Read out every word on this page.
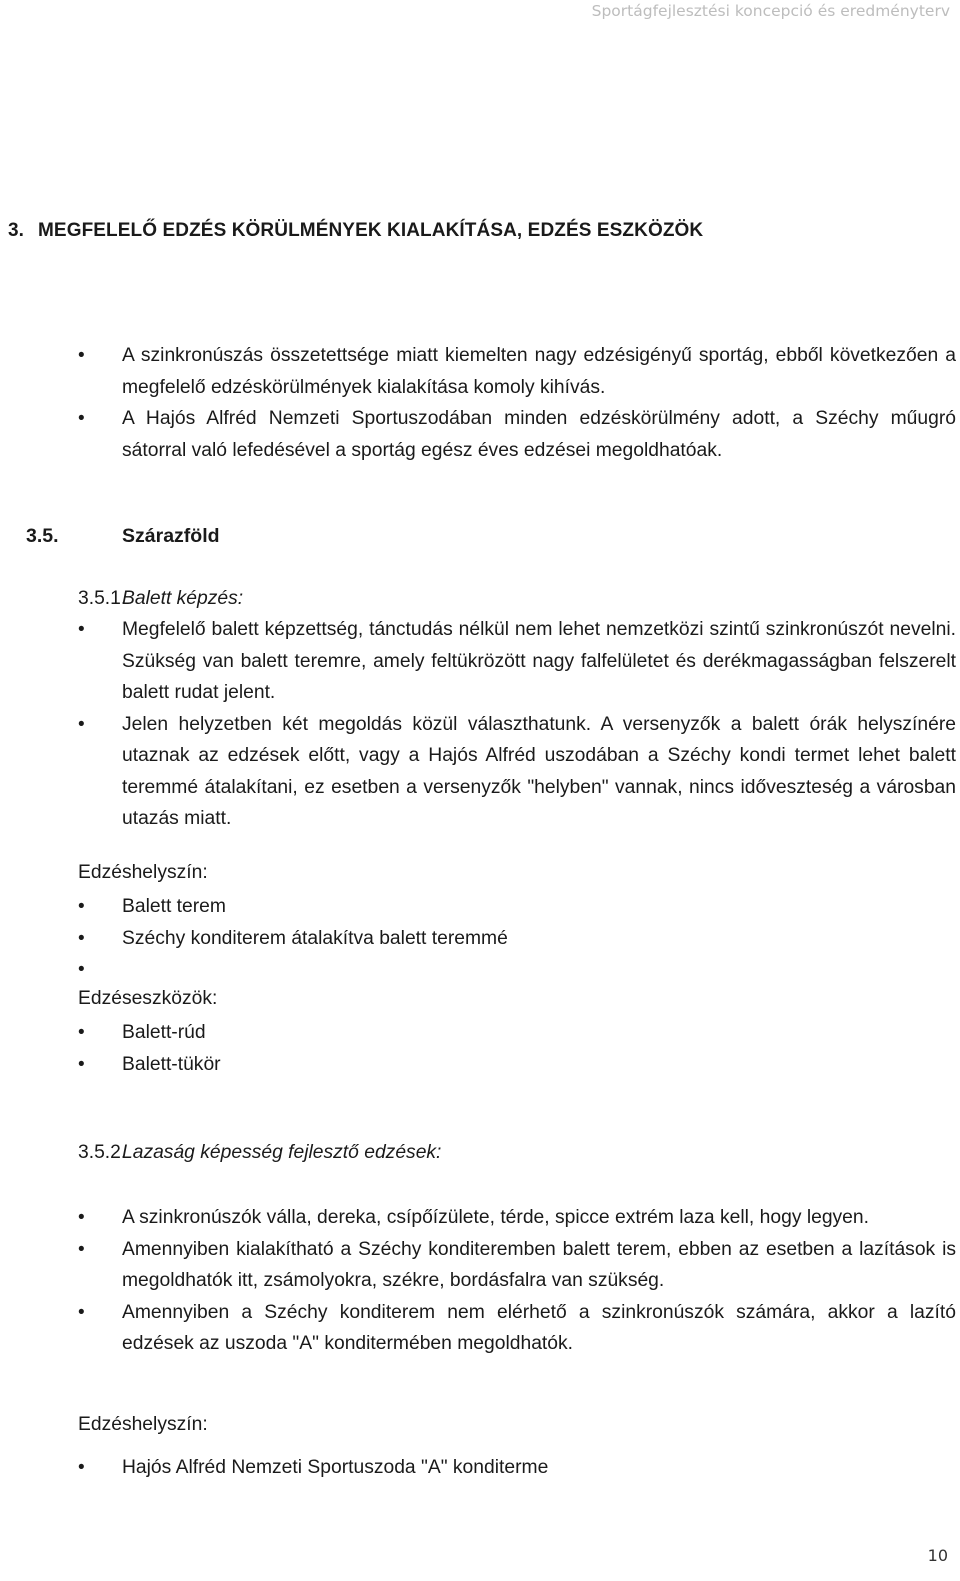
Sportágfejlesztési koncepció és eredményterv
3. MEGFELELŐ EDZÉS KÖRÜLMÉNYEK KIALAKÍTÁSA, EDZÉS ESZKÖZÖK
• A szinkronúszás összetettsége miatt kiemelten nagy edzésigényű sportág, ebből következően a megfelelő edzéskörülmények kialakítása komoly kihívás.
• A Hajós Alfréd Nemzeti Sportuszodában minden edzéskörülmény adott, a Széchy műugró sátorral való lefedésével a sportág egész éves edzései megoldhatóak.
3.5.	Szárazföld
3.5.1.Balett képzés:
• Megfelelő balett képzettség, tánctudás nélkül nem lehet nemzetközi szintű szinkronúszót nevelni. Szükség van balett teremre, amely feltükrözött nagy falfelületet és derékmagasságban felszerelt balett rudat jelent.
• Jelen helyzetben két megoldás közül választhatunk. A versenyzők a balett órák helyszínére utaznak az edzések előtt, vagy a Hajós Alfréd uszodában a Széchy kondi termet lehet balett teremmé átalakítani, ez esetben a versenyzők "helyben" vannak, nincs időveszteség a városban utazás miatt.
Edzéshelyszín:
• Balett terem
• Széchy konditerem átalakítva balett teremmé
•

Edzéseszközök:
• Balett-rúd
• Balett-tükör
3.5.2.Lazaság képesség fejlesztő edzések:
• A szinkronúszók válla, dereka, csípőízülete, térde, spicce extrém laza kell, hogy legyen.
• Amennyiben kialakítható a Széchy konditeremben balett terem, ebben az esetben a lazítások is megoldhatók itt, zsámolyokra, székre, bordásfalra van szükség.
• Amennyiben a Széchy konditerem nem elérhető a szinkronúszók számára, akkor a lazító edzések az uszoda "A" konditermében megoldhatók.
Edzéshelyszín:
• Hajós Alfréd Nemzeti Sportuszoda "A" konditerme
10
